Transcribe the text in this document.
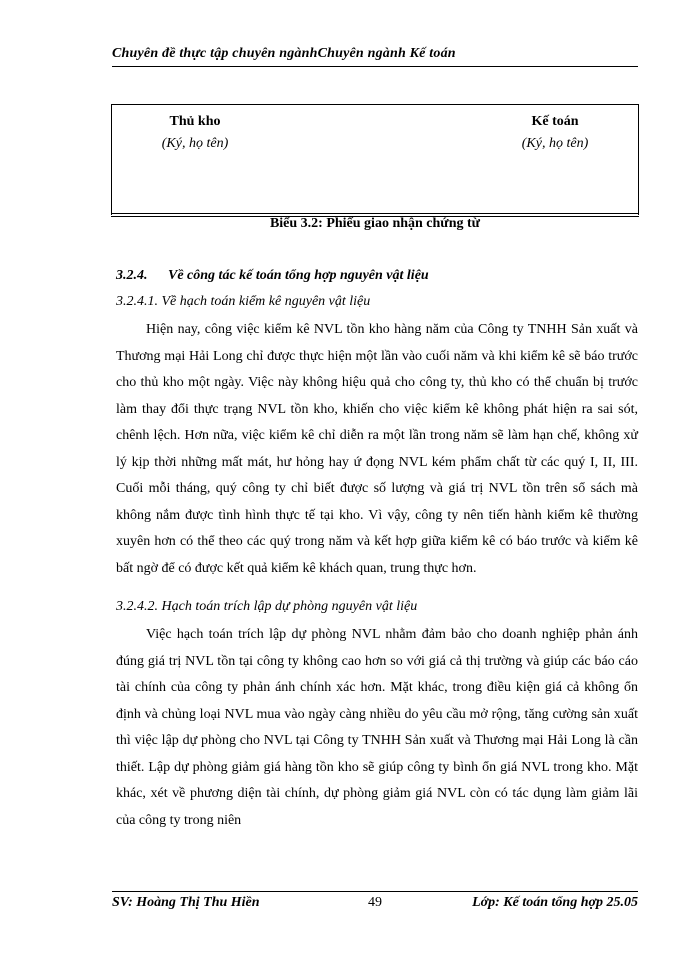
Chuyên đề thực tập chuyên ngànhChuyên ngành Kế toán
Thủ kho
(Ký, họ tên)
Kế toán
(Ký, họ tên)
Biểu 3.2: Phiếu giao nhận chứng từ
3.2.4. Về công tác kế toán tổng hợp nguyên vật liệu
3.2.4.1. Về hạch toán kiểm kê nguyên vật liệu

Hiện nay, công việc kiểm kê NVL tồn kho hàng năm của Công ty TNHH Sản xuất và Thương mại Hải Long chỉ được thực hiện một lần vào cuối năm và khi kiểm kê sẽ báo trước cho thủ kho một ngày. Việc này không hiệu quả cho công ty, thủ kho có thể chuẩn bị trước làm thay đổi thực trạng NVL tồn kho, khiến cho việc kiểm kê không phát hiện ra sai sót, chênh lệch. Hơn nữa, việc kiểm kê chỉ diễn ra một lần trong năm sẽ làm hạn chế, không xử lý kịp thời những mất mát, hư hỏng hay ứ đọng NVL kém phẩm chất từ các quý I, II, III. Cuối mỗi tháng, quý công ty chỉ biết được số lượng và giá trị NVL tồn trên sổ sách mà không nắm được tình hình thực tế tại kho. Vì vậy, công ty nên tiến hành kiểm kê thường xuyên hơn có thể theo các quý trong năm và kết hợp giữa kiểm kê có báo trước và kiểm kê bất ngờ để có được kết quả kiểm kê khách quan, trung thực hơn.

3.2.4.2. Hạch toán trích lập dự phòng nguyên vật liệu

Việc hạch toán trích lập dự phòng NVL nhằm đảm bảo cho doanh nghiệp phản ánh đúng giá trị NVL tồn tại công ty không cao hơn so với giá cả thị trường và giúp các báo cáo tài chính của công ty phản ánh chính xác hơn. Mặt khác, trong điều kiện giá cả không ổn định và chủng loại NVL mua vào ngày càng nhiều do yêu cầu mở rộng, tăng cường sản xuất thì việc lập dự phòng cho NVL tại Công ty TNHH Sản xuất và Thương mại Hải Long là cần thiết. Lập dự phòng giảm giá hàng tồn kho sẽ giúp công ty bình ổn giá NVL trong kho. Mặt khác, xét về phương diện tài chính, dự phòng giảm giá NVL còn có tác dụng làm giảm lãi của công ty trong niên

SV: Hoàng Thị Thu Hiền	49	Lớp: Kế toán tổng hợp 25.05
